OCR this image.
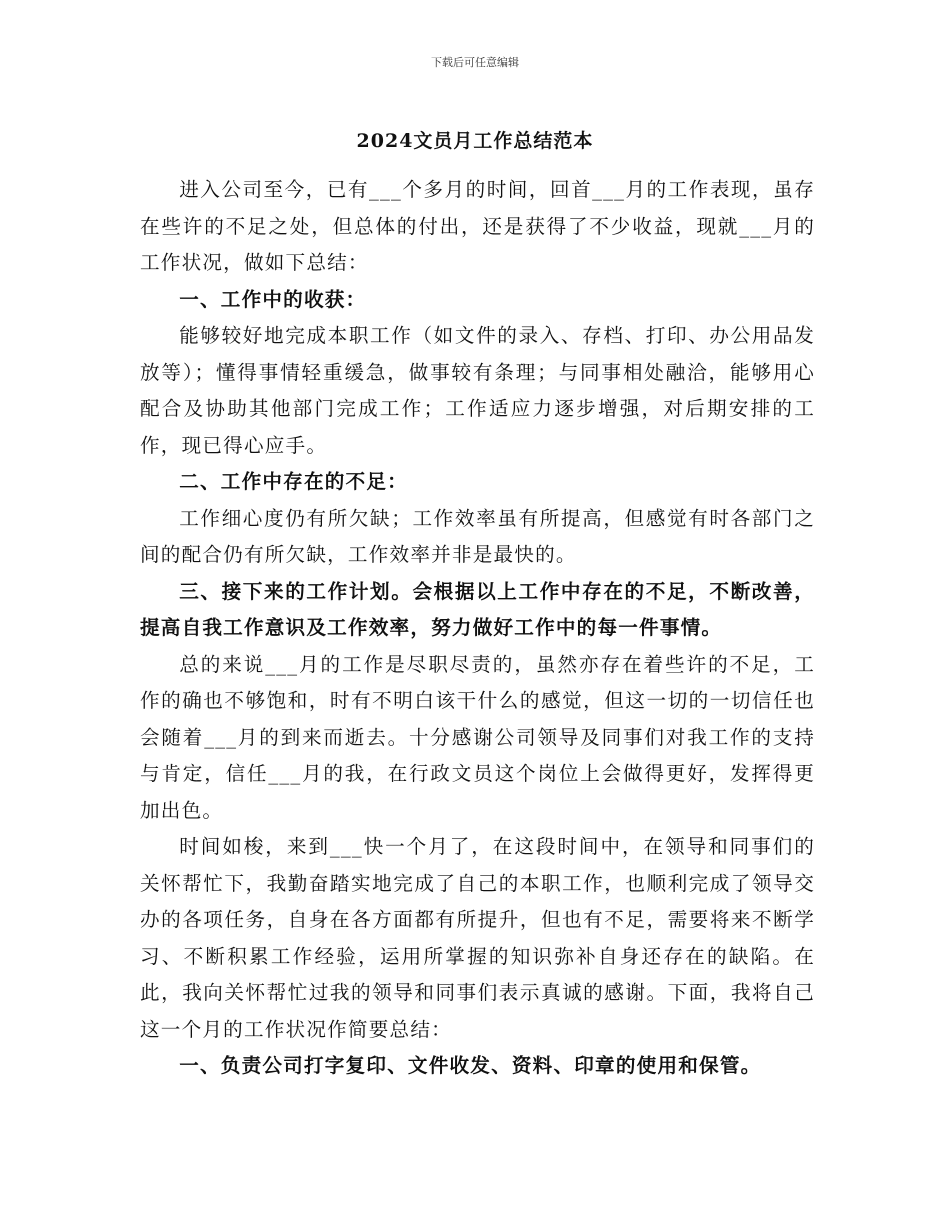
下载后可任意编辑
2024文员月工作总结范本

进入公司至今，已有___个多月的时间，回首___月的工作表现，虽存在些许的不足之处，但总体的付出，还是获得了不少收益，现就___月的工作状况，做如下总结：

一、工作中的收获：

能够较好地完成本职工作（如文件的录入、存档、打印、办公用品发放等）；懂得事情轻重缓急，做事较有条理；与同事相处融洽，能够用心配合及协助其他部门完成工作；工作适应力逐步增强，对后期安排的工作，现已得心应手。

二、工作中存在的不足：

工作细心度仍有所欠缺；工作效率虽有所提高，但感觉有时各部门之间的配合仍有所欠缺，工作效率并非是最快的。

三、接下来的工作计划。会根据以上工作中存在的不足，不断改善，提高自我工作意识及工作效率，努力做好工作中的每一件事情。

总的来说___月的工作是尽职尽责的，虽然亦存在着些许的不足，工作的确也不够饱和，时有不明白该干什么的感觉，但这一切的一切信任也会随着___月的到来而逝去。十分感谢公司领导及同事们对我工作的支持与肯定，信任___月的我，在行政文员这个岗位上会做得更好，发挥得更加出色。

时间如梭，来到___快一个月了，在这段时间中，在领导和同事们的关怀帮忙下，我勤奋踏实地完成了自己的本职工作，也顺利完成了领导交办的各项任务，自身在各方面都有所提升，但也有不足，需要将来不断学习、不断积累工作经验，运用所掌握的知识弥补自身还存在的缺陷。在此，我向关怀帮忙过我的领导和同事们表示真诚的感谢。下面，我将自己这一个月的工作状况作简要总结：

一、负责公司打字复印、文件收发、资料、印章的使用和保管。
